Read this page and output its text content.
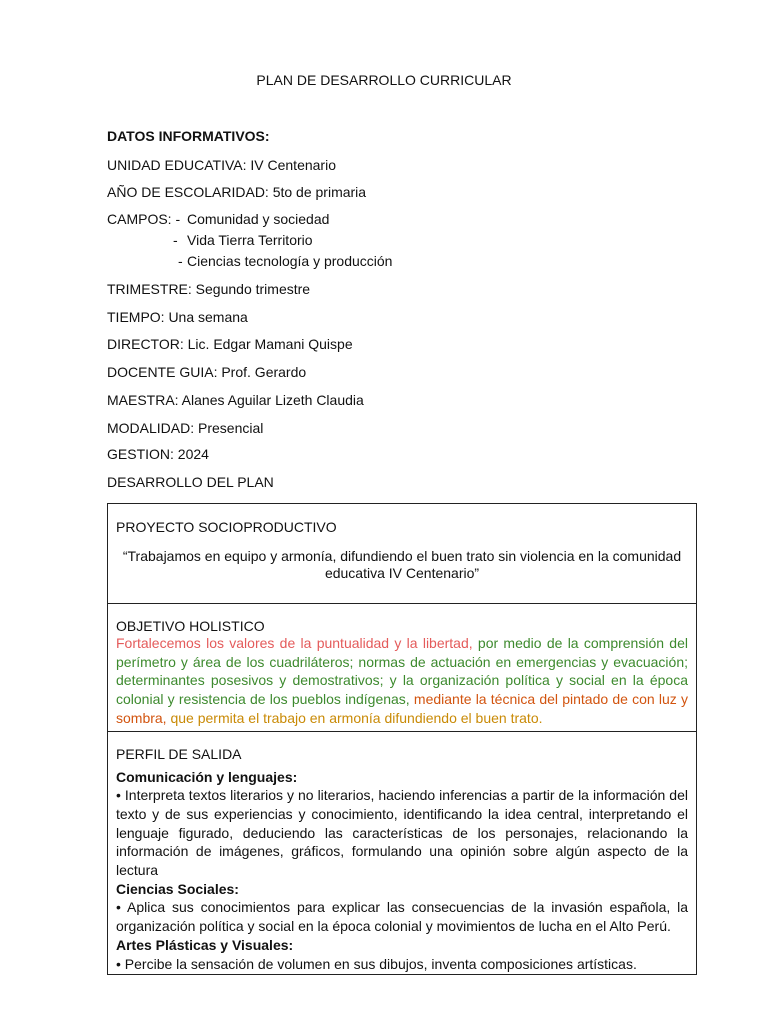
PLAN DE DESARROLLO CURRICULAR
DATOS INFORMATIVOS:
UNIDAD EDUCATIVA: IV Centenario
AÑO DE ESCOLARIDAD: 5to de primaria
CAMPOS: - Comunidad y sociedad
- Vida Tierra Territorio
- Ciencias tecnología y producción
TRIMESTRE: Segundo trimestre
TIEMPO: Una semana
DIRECTOR: Lic. Edgar Mamani Quispe
DOCENTE GUIA: Prof. Gerardo
MAESTRA: Alanes Aguilar Lizeth Claudia
MODALIDAD: Presencial
GESTION: 2024
DESARROLLO DEL PLAN
PROYECTO SOCIOPRODUCTIVO
“Trabajamos en equipo y armonía, difundiendo el buen trato sin violencia en la comunidad educativa IV Centenario”

OBJETIVO HOLISTICO
Fortalecemos los valores de la puntualidad y la libertad, por medio de la comprensión del perímetro y área de los cuadriláteros; normas de actuación en emergencias y evacuación; determinantes posesivos y demostrativos; y la organización política y social en la época colonial y resistencia de los pueblos indígenas, mediante la técnica del pintado de con luz y sombra, que permita el trabajo en armonía difundiendo el buen trato.

PERFIL DE SALIDA
Comunicación y lenguajes:
• Interpreta textos literarios y no literarios, haciendo inferencias a partir de la información del texto y de sus experiencias y conocimiento, identificando la idea central, interpretando el lenguaje figurado, deduciendo las características de los personajes, relacionando la información de imágenes, gráficos, formulando una opinión sobre algún aspecto de la lectura
Ciencias Sociales:
• Aplica sus conocimientos para explicar las consecuencias de la invasión española, la organización política y social en la época colonial y movimientos de lucha en el Alto Perú.
Artes Plásticas y Visuales:
• Percibe la sensación de volumen en sus dibujos, inventa composiciones artísticas.
